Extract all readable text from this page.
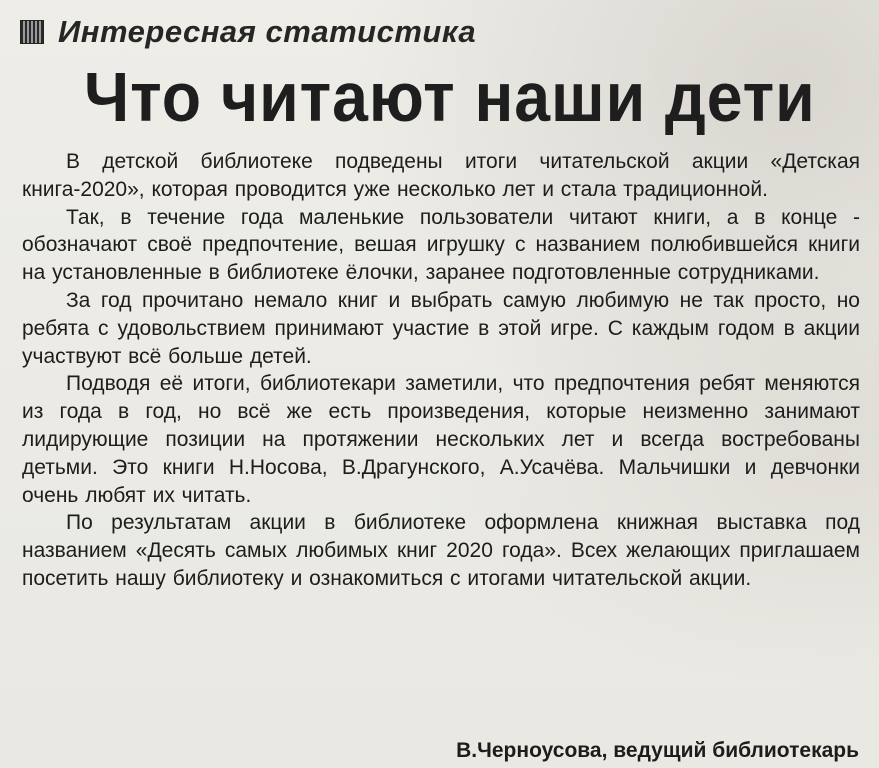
Интересная статистика
Что читают наши дети

В детской библиотеке подведены итоги читательской акции «Детская книга-2020», которая проводится уже несколько лет и стала традиционной.

Так, в течение года маленькие пользователи читают книги, а в конце - обозначают своё предпочтение, вешая игрушку с названием полюбившейся книги на установленные в библиотеке ёлочки, заранее подготовленные сотрудниками.

За год прочитано немало книг и выбрать самую любимую не так просто, но ребята с удовольствием принимают участие в этой игре. С каждым годом в акции участвуют всё больше детей.

Подводя её итоги, библиотекари заметили, что предпочтения ребят меняются из года в год, но всё же есть произведения, которые неизменно занимают лидирующие позиции на протяжении нескольких лет и всегда востребованы детьми. Это книги Н.Носова, В.Драгунского, А.Усачёва. Мальчишки и девчонки очень любят их читать.

По результатам акции в библиотеке оформлена книжная выставка под названием «Десять самых любимых книг 2020 года». Всех желающих приглашаем посетить нашу библиотеку и ознакомиться с итогами читательской акции.

В.Черноусова, ведущий библиотекарь
